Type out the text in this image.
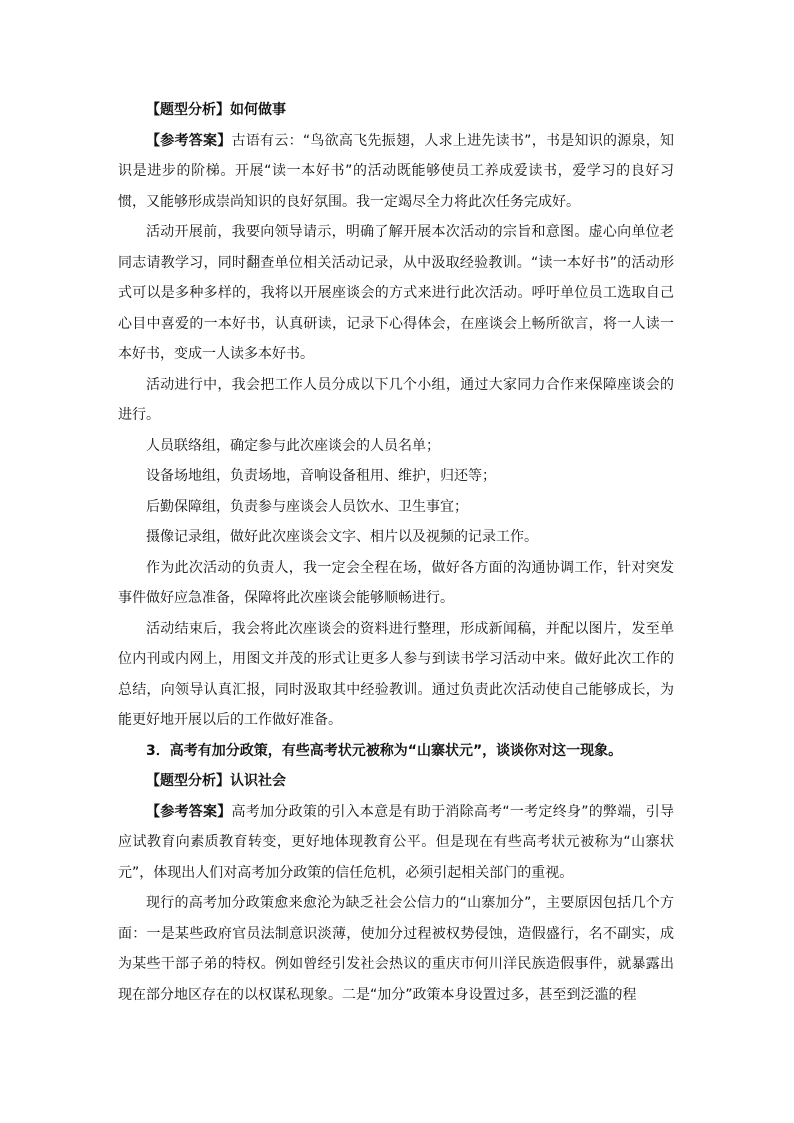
【题型分析】如何做事

【参考答案】古语有云：“鸟欲高飞先振翅，人求上进先读书”，书是知识的源泉，知识是进步的阶梯。开展“读一本好书”的活动既能够使员工养成爱读书，爱学习的良好习惯，又能够形成崇尚知识的良好氛围。我一定竭尽全力将此次任务完成好。

活动开展前，我要向领导请示，明确了解开展本次活动的宗旨和意图。虚心向单位老同志请教学习，同时翻查单位相关活动记录，从中汲取经验教训。“读一本好书”的活动形式可以是多种多样的，我将以开展座谈会的方式来进行此次活动。呼吁单位员工选取自己心目中喜爱的一本好书，认真研读，记录下心得体会，在座谈会上畅所欲言，将一人读一本好书，变成一人读多本好书。

活动进行中，我会把工作人员分成以下几个小组，通过大家同力合作来保障座谈会的进行。

人员联络组，确定参与此次座谈会的人员名单；

设备场地组，负责场地，音响设备租用、维护，归还等；

后勤保障组，负责参与座谈会人员饮水、卫生事宜；

摄像记录组，做好此次座谈会文字、相片以及视频的记录工作。

作为此次活动的负责人，我一定会全程在场，做好各方面的沟通协调工作，针对突发事件做好应急准备，保障将此次座谈会能够顺畅进行。

活动结束后，我会将此次座谈会的资料进行整理，形成新闻稿，并配以图片，发至单位内刊或内网上，用图文并茂的形式让更多人参与到读书学习活动中来。做好此次工作的总结，向领导认真汇报，同时汲取其中经验教训。通过负责此次活动使自己能够成长，为能更好地开展以后的工作做好准备。

3．高考有加分政策，有些高考状元被称为“山寨状元”，谈谈你对这一现象。

【题型分析】认识社会

【参考答案】高考加分政策的引入本意是有助于消除高考“一考定终身”的弊端，引导应试教育向素质教育转变，更好地体现教育公平。但是现在有些高考状元被称为“山寨状元”，体现出人们对高考加分政策的信任危机，必须引起相关部门的重视。

现行的高考加分政策愈来愈沦为缺乏社会公信力的“山寨加分”，主要原因包括几个方面：一是某些政府官员法制意识淡薄，使加分过程被权势侵蚀，造假盛行，名不副实，成为某些干部子弟的特权。例如曾经引发社会热议的重庆市何川洋民族造假事件，就暴露出现在部分地区存在的以权谋私现象。二是“加分”政策本身设置过多，甚至到泛滥的程
